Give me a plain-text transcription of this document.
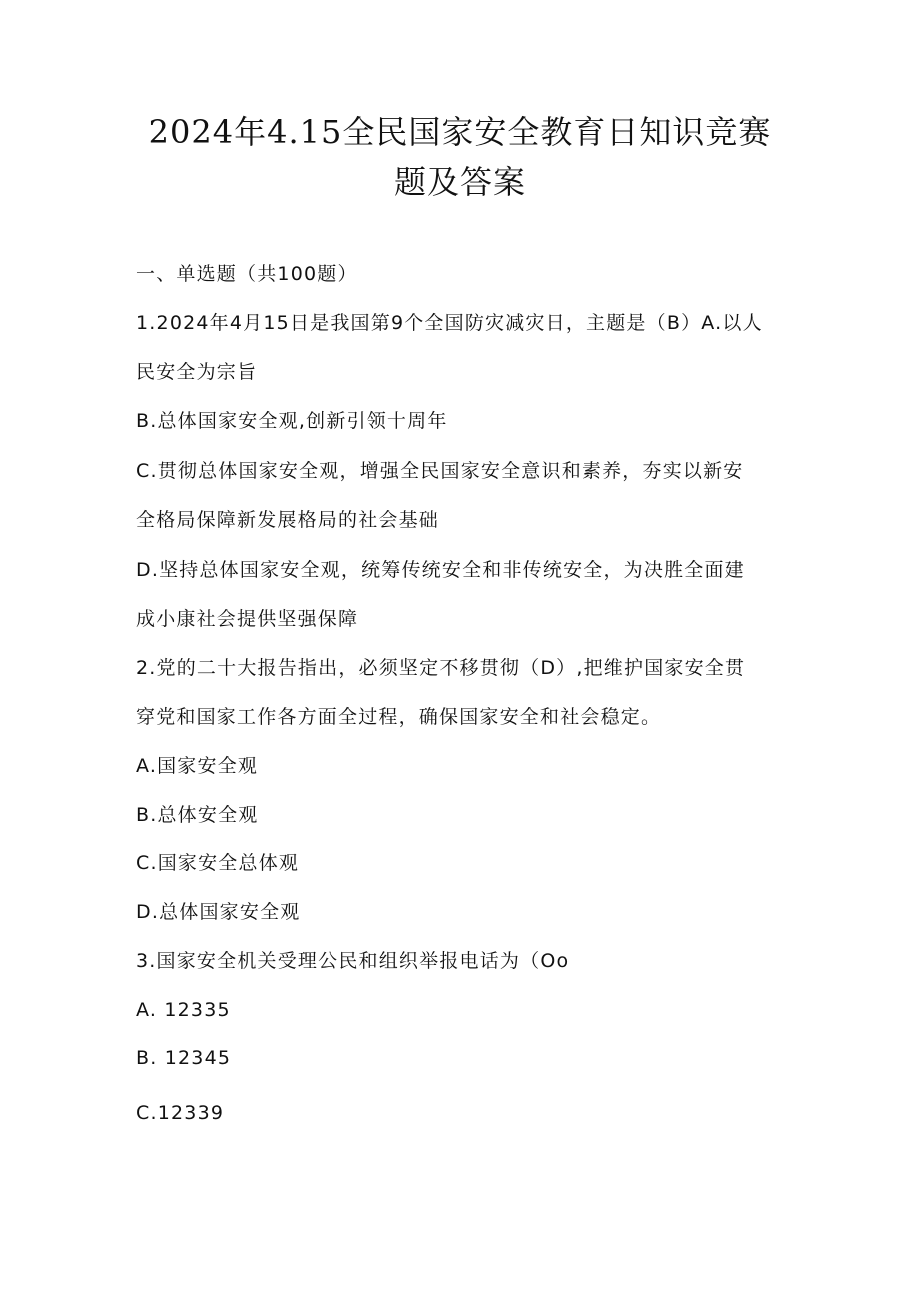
2024年4.15全民国家安全教育日知识竞赛
题及答案
一、单选题（共100题）
1.2024年4月15日是我国第9个全国防灾减灾日，主题是（B）A.以人
民安全为宗旨
B.总体国家安全观,创新引领十周年
C.贯彻总体国家安全观，增强全民国家安全意识和素养，夯实以新安
全格局保障新发展格局的社会基础
D.坚持总体国家安全观，统筹传统安全和非传统安全，为决胜全面建
成小康社会提供坚强保障
2.党的二十大报告指出，必须坚定不移贯彻（D）,把维护国家安全贯
穿党和国家工作各方面全过程，确保国家安全和社会稳定。
A.国家安全观
B.总体安全观
C.国家安全总体观
D.总体国家安全观
3.国家安全机关受理公民和组织举报电话为（Oo
A. 12335
B. 12345
C.12339
